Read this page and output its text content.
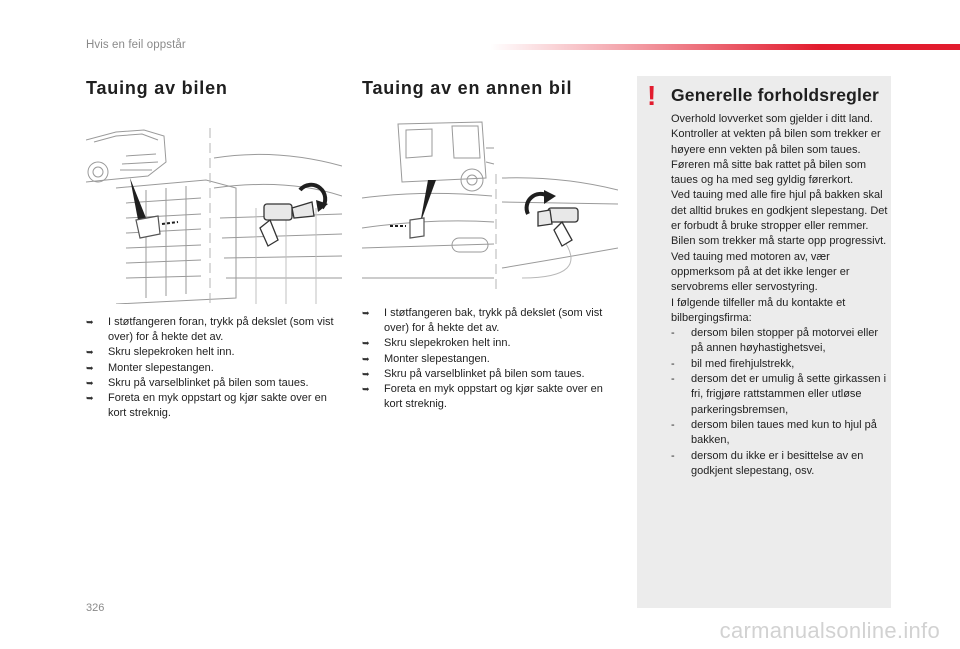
Hvis en feil oppstår
Tauing av bilen
➥ I støtfangeren foran, trykk på dekslet (som vist over) for å hekte det av.
➥ Skru slepekroken helt inn.
➥ Monter slepestangen.
➥ Skru på varselblinket på bilen som taues.
➥ Foreta en myk oppstart og kjør sakte over en kort streknig.
Tauing av en annen bil
➥ I støtfangeren bak, trykk på dekslet (som vist over) for å hekte det av.
➥ Skru slepekroken helt inn.
➥ Monter slepestangen.
➥ Skru på varselblinket på bilen som taues.
➥ Foreta en myk oppstart og kjør sakte over en kort streknig.
! Generelle forholdsregler

Overhold lovverket som gjelder i ditt land.

Kontroller at vekten på bilen som trekker er høyere enn vekten på bilen som taues.

Føreren må sitte bak rattet på bilen som taues og ha med seg gyldig førerkort.

Ved tauing med alle fire hjul på bakken skal det alltid brukes en godkjent slepestang. Det er forbudt å bruke stropper eller remmer.

Bilen som trekker må starte opp progressivt.

Ved tauing med motoren av, vær oppmerksom på at det ikke lenger er servobrems eller servostyring.

I følgende tilfeller må du kontakte et bilbergingsfirma:

- dersom bilen stopper på motorvei eller på annen høyhastighetsvei,
- bil med firehjulstrekk,
- dersom det er umulig å sette girkassen i fri, frigjøre rattstammen eller utløse parkeringsbremsen,
- dersom bilen taues med kun to hjul på bakken,
- dersom du ikke er i besittelse av en godkjent slepestang, osv.
326
carmanualsonline.info
